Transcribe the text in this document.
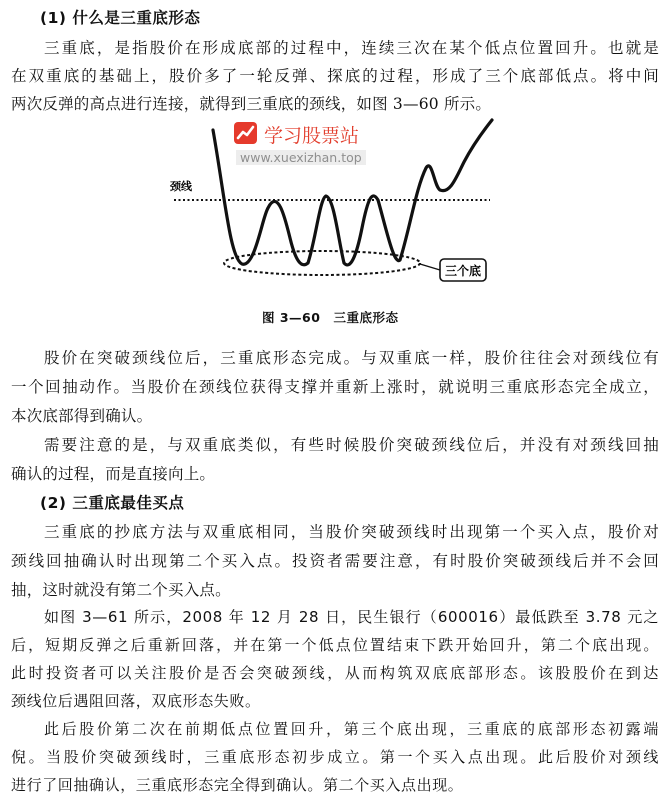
(1) 什么是三重底形态
三重底，是指股价在形成底部的过程中，连续三次在某个低点位置回升。也就是
在双重底的基础上，股价多了一轮反弹、探底的过程，形成了三个底部低点。将中间
两次反弹的高点进行连接，就得到三重底的颈线，如图 3—60 所示。
三个底
颈线
学习股票站
www.xuexizhan.top
图 3—60　三重底形态
股价在突破颈线位后，三重底形态完成。与双重底一样，股价往往会对颈线位有
一个回抽动作。当股价在颈线位获得支撑并重新上涨时，就说明三重底形态完全成立，
本次底部得到确认。
需要注意的是，与双重底类似，有些时候股价突破颈线位后，并没有对颈线回抽
确认的过程，而是直接向上。
(2) 三重底最佳买点
三重底的抄底方法与双重底相同，当股价突破颈线时出现第一个买入点，股价对
颈线回抽确认时出现第二个买入点。投资者需要注意，有时股价突破颈线后并不会回
抽，这时就没有第二个买入点。
如图 3—61 所示，2008 年 12 月 28 日，民生银行（600016）最低跌至 3.78 元之
后，短期反弹之后重新回落，并在第一个低点位置结束下跌开始回升，第二个底出现。
此时投资者可以关注股价是否会突破颈线，从而构筑双底底部形态。该股股价在到达
颈线位后遇阻回落，双底形态失败。
此后股价第二次在前期低点位置回升，第三个底出现，三重底的底部形态初露端
倪。当股价突破颈线时，三重底形态初步成立。第一个买入点出现。此后股价对颈线
进行了回抽确认，三重底形态完全得到确认。第二个买入点出现。
